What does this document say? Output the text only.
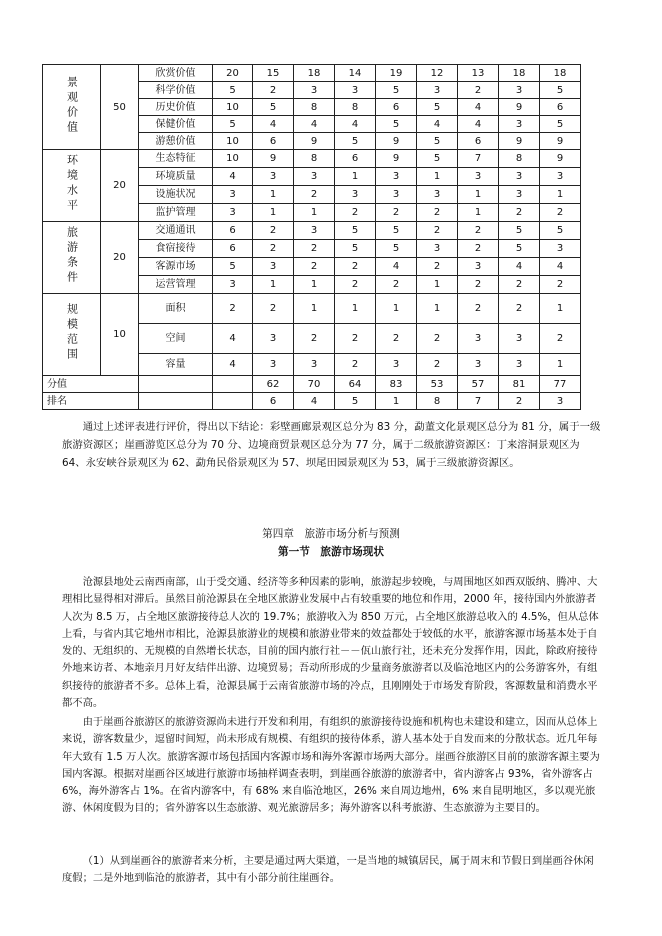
景观价值	50	欣赏价值	20	15	18	14	19	12	13	18	18
		科学价值	5	2	3	3	5	3	2	3	5
		历史价值	10	5	8	8	6	5	4	9	6
		保健价值	5	4	4	4	5	4	4	3	5
		游憩价值	10	6	9	5	9	5	6	9	9
环境水平	20	生态特征	10	9	8	6	9	5	7	8	9
		环境质量	4	3	3	1	3	1	3	3	3
		设施状况	3	1	2	3	3	3	1	3	1
		监护管理	3	1	1	2	2	2	1	2	2
旅游条件	20	交通通讯	6	2	3	5	5	2	2	5	5
		食宿接待	6	2	2	5	5	3	2	5	3
		客源市场	5	3	2	2	4	2	3	4	4
		运营管理	3	1	1	2	2	1	2	2	2
规模范围	10	面积	2	2	1	1	1	1	2	2	1
		空间	4	3	2	2	2	2	3	3	2
		容量	4	3	3	2	3	2	3	3	1
分值				62	70	64	83	53	57	81	77
排名				6	4	5	1	8	7	2	3

通过上述评表进行评价，得出以下结论：彩壁画廊景观区总分为 83 分，勐董文化景观区总分为 81 分，属于一级旅游资源区；崖画游览区总分为 70 分、边境商贸景观区总分为 77 分，属于二级旅游资源区：丁来溶洞景观区为 64、永安峡谷景观区为 62、勐角民俗景观区为 57、坝尾田园景观区为 53，属于三级旅游资源区。

第四章　旅游市场分析与预测

第一节　旅游市场现状

沧源县地处云南西南部，山于受交通、经济等多种因素的影响，旅游起步较晚，与周围地区如西双版纳、腾冲、大理相比显得相对滞后。虽然目前沧源县在全地区旅游业发展中占有较重要的地位和作用，2000 年，接待国内外旅游者人次为 8.5 万，占全地区旅游接待总人次的 19.7%；旅游收入为 850 万元，占全地区旅游总收入的 4.5%，但从总体上看，与省内其它地州市相比，沧源县旅游业的规模和旅游业带来的效益都处于较低的水平，旅游客源市场基本处于自发的、无组织的、无规模的自然增长状态，目前的国内旅行社－－佤山旅行社，还未充分发挥作用，因此，除政府接待外地来访者、本地亲月月好友结伴出游、边境贸易；吾动所形成的少量商务旅游者以及临沧地区内的公务游客外，有组织接待的旅游者不多。总体上看，沧源县属于云南省旅游市场的冷点，且刚刚处于市场发育阶段，客源数量和消费水平都不高。

由于崖画谷旅游区的旅游资源尚未进行开发和利用，有组织的旅游接待设施和机构也未建设和建立，因而从总体上来说，游客数量少，逗留时间短，尚未形成有规模、有组织的接待体系，游人基本处于自发而来的分散状态。近几年每年大致有 1.5 万人次。旅游客源市场包括国内客源市场和海外客源市场两大部分。崖画谷旅游区目前的旅游客源主要为国内客源。根据对崖画谷区域进行旅游市场抽样调查表明，到崖画谷旅游的旅游者中，省内游客占 93%，省外游客占 6%，海外游客占 1%。在省内游客中，有 68% 来自临沧地区，26% 来自周边地州，6% 来自昆明地区，多以观光旅游、休闲度假为目的；省外游客以生态旅游、观光旅游居多；海外游客以科考旅游、生态旅游为主要目的。

（1）从到崖画谷的旅游者来分析，主要是通过两大渠道，一是当地的城镇居民，属于周末和节假日到崖画谷休闲度假；二是外地到临沧的旅游者，其中有小部分前往崖画谷。
